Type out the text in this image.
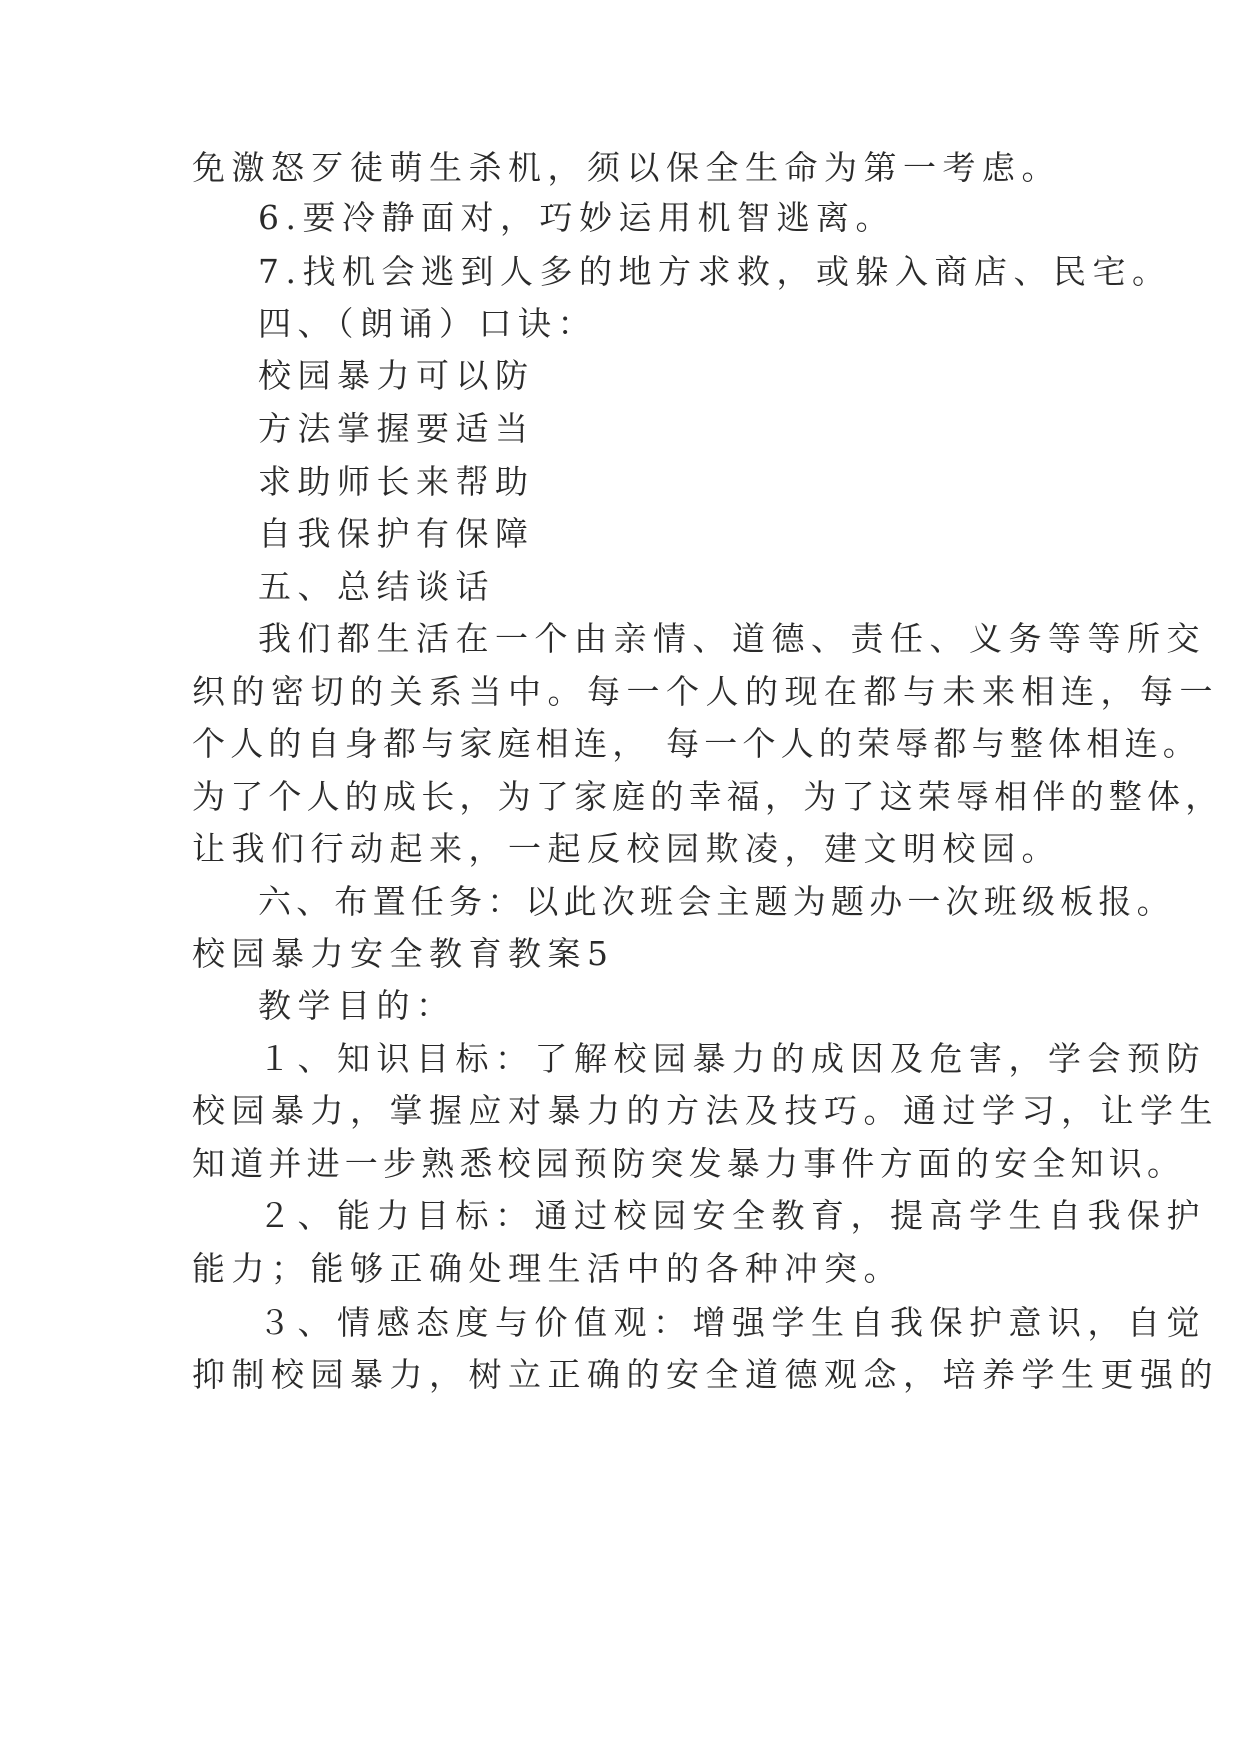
免激怒歹徒萌生杀机，须以保全生命为第一考虑。
6.要冷静面对，巧妙运用机智逃离。
7.找机会逃到人多的地方求救，或躲入商店、民宅。
四、（朗诵）口诀：
校园暴力可以防
方法掌握要适当
求助师长来帮助
自我保护有保障
五、总结谈话
我们都生活在一个由亲情、道德、责任、义务等等所交
织的密切的关系当中。每一个人的现在都与未来相连，每一
个人的自身都与家庭相连， 每一个人的荣辱都与整体相连。
为了个人的成长，为了家庭的幸福，为了这荣辱相伴的整体，
让我们行动起来，一起反校园欺凌，建文明校园。
六、布置任务：以此次班会主题为题办一次班级板报。
校园暴力安全教育教案5
教学目的：
１、知识目标：了解校园暴力的成因及危害，学会预防
校园暴力，掌握应对暴力的方法及技巧。通过学习，让学生
知道并进一步熟悉校园预防突发暴力事件方面的安全知识。
２、能力目标：通过校园安全教育，提高学生自我保护
能力；能够正确处理生活中的各种冲突。
３、情感态度与价值观：增强学生自我保护意识，自觉
抑制校园暴力，树立正确的安全道德观念，培养学生更强的
